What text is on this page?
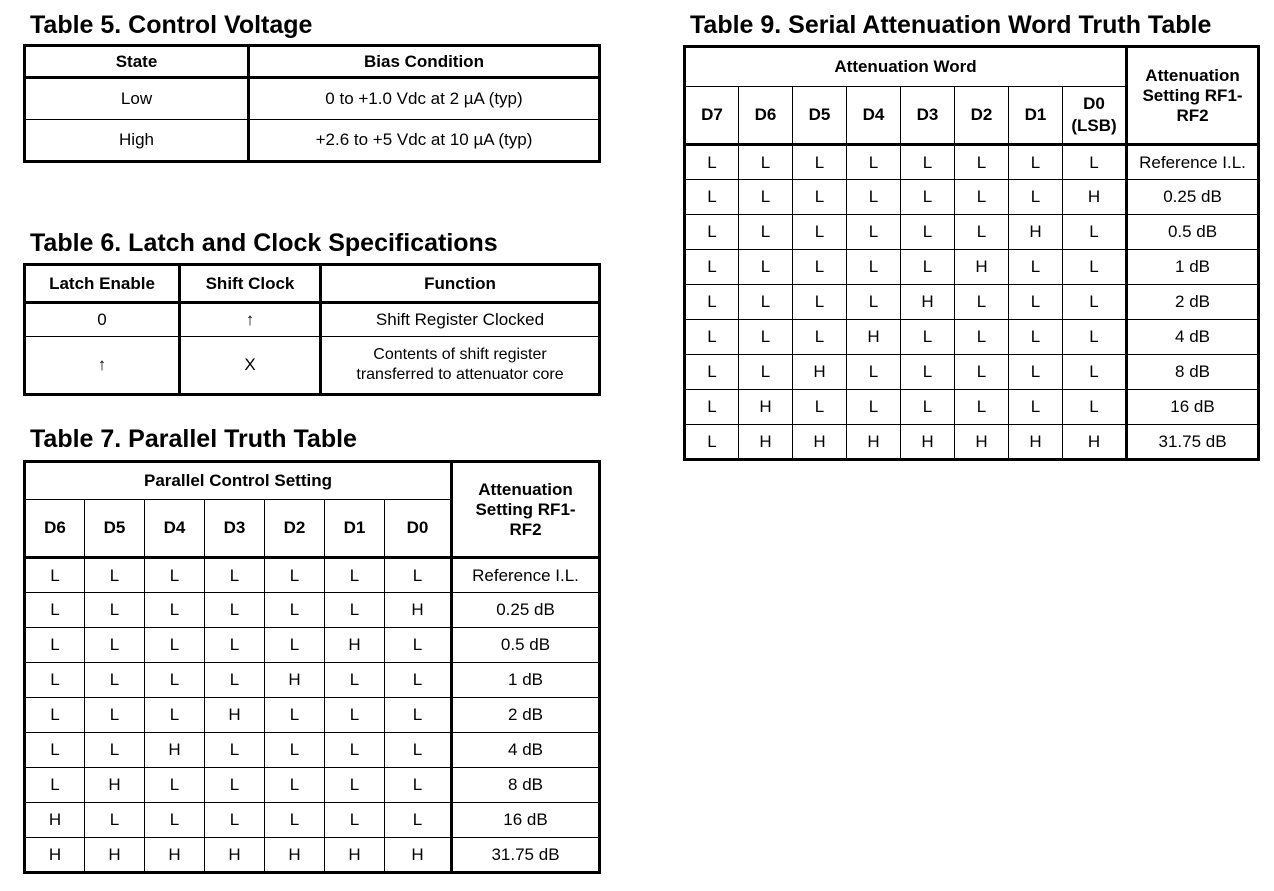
Table 5. Control Voltage
State	Bias Condition
Low	0 to +1.0 Vdc at 2 µA (typ)
High	+2.6 to +5 Vdc at 10 µA (typ)
Table 6. Latch and Clock Specifications
Latch Enable	Shift Clock	Function
0	↑	Shift Register Clocked
↑	X	Contents of shift register transferred to attenuator core
Table 7. Parallel Truth Table
Parallel Control Setting							Attenuation Setting RF1-RF2
D6	D5	D4	D3	D2	D1	D0	
L	L	L	L	L	L	L	Reference I.L.
L	L	L	L	L	L	H	0.25 dB
L	L	L	L	L	H	L	0.5 dB
L	L	L	L	H	L	L	1 dB
L	L	L	H	L	L	L	2 dB
L	L	H	L	L	L	L	4 dB
L	H	L	L	L	L	L	8 dB
H	L	L	L	L	L	L	16 dB
H	H	H	H	H	H	H	31.75 dB
Table 9. Serial Attenuation Word Truth Table
Attenuation Word								Attenuation Setting RF1-RF2
D7	D6	D5	D4	D3	D2	D1	D0 (LSB)	
L	L	L	L	L	L	L	L	Reference I.L.
L	L	L	L	L	L	L	H	0.25 dB
L	L	L	L	L	L	H	L	0.5 dB
L	L	L	L	L	H	L	L	1 dB
L	L	L	L	H	L	L	L	2 dB
L	L	L	H	L	L	L	L	4 dB
L	L	H	L	L	L	L	L	8 dB
L	H	L	L	L	L	L	L	16 dB
L	H	H	H	H	H	H	H	31.75 dB
